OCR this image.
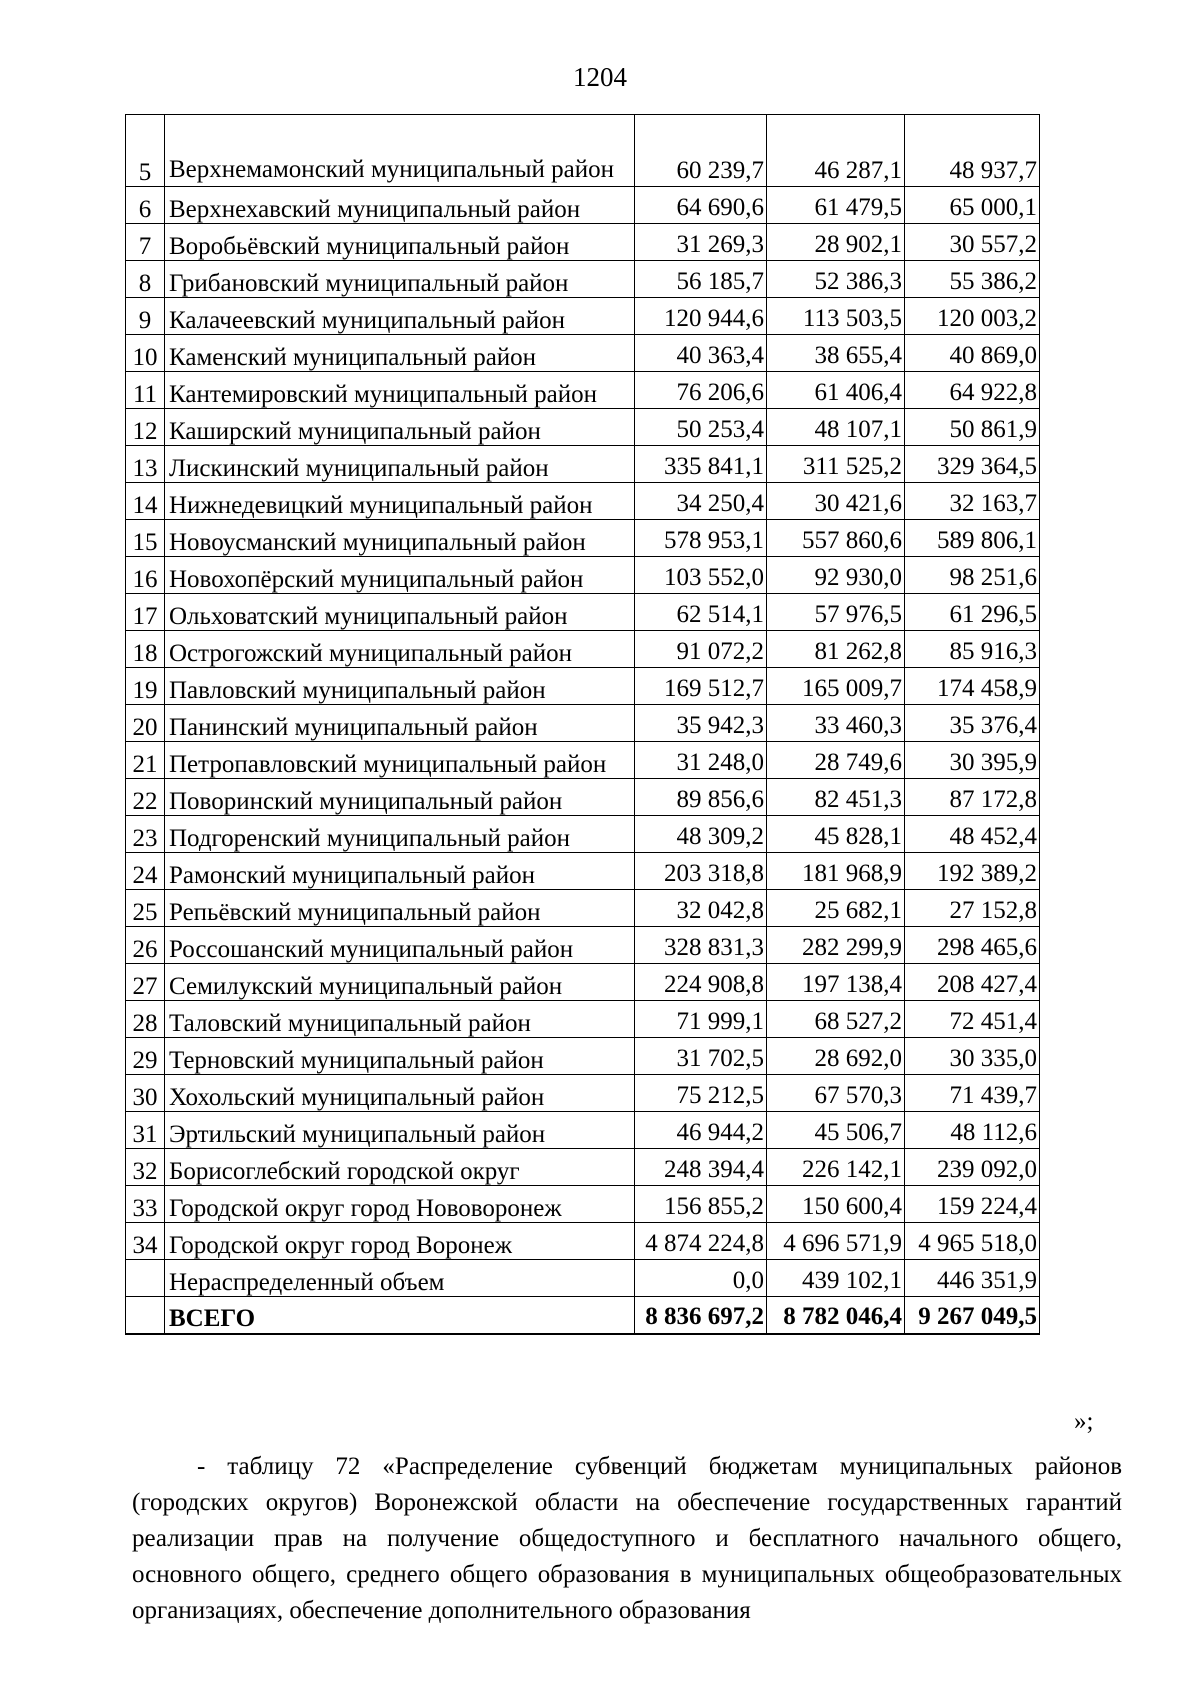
1204
5	Верхнемамонский муниципальный район	60 239,7	46 287,1	48 937,7
6	Верхнехавский муниципальный район	64 690,6	61 479,5	65 000,1
7	Воробьёвский муниципальный район	31 269,3	28 902,1	30 557,2
8	Грибановский муниципальный район	56 185,7	52 386,3	55 386,2
9	Калачеевский муниципальный район	120 944,6	113 503,5	120 003,2
10	Каменский муниципальный район	40 363,4	38 655,4	40 869,0
11	Кантемировский муниципальный район	76 206,6	61 406,4	64 922,8
12	Каширский муниципальный район	50 253,4	48 107,1	50 861,9
13	Лискинский муниципальный район	335 841,1	311 525,2	329 364,5
14	Нижнедевицкий муниципальный район	34 250,4	30 421,6	32 163,7
15	Новоусманский муниципальный район	578 953,1	557 860,6	589 806,1
16	Новохопёрский муниципальный район	103 552,0	92 930,0	98 251,6
17	Ольховатский муниципальный район	62 514,1	57 976,5	61 296,5
18	Острогожский муниципальный район	91 072,2	81 262,8	85 916,3
19	Павловский муниципальный район	169 512,7	165 009,7	174 458,9
20	Панинский муниципальный район	35 942,3	33 460,3	35 376,4
21	Петропавловский муниципальный район	31 248,0	28 749,6	30 395,9
22	Поворинский муниципальный район	89 856,6	82 451,3	87 172,8
23	Подгоренский муниципальный район	48 309,2	45 828,1	48 452,4
24	Рамонский муниципальный район	203 318,8	181 968,9	192 389,2
25	Репьёвский муниципальный район	32 042,8	25 682,1	27 152,8
26	Россошанский муниципальный район	328 831,3	282 299,9	298 465,6
27	Семилукский муниципальный район	224 908,8	197 138,4	208 427,4
28	Таловский муниципальный район	71 999,1	68 527,2	72 451,4
29	Терновский муниципальный район	31 702,5	28 692,0	30 335,0
30	Хохольский муниципальный район	75 212,5	67 570,3	71 439,7
31	Эртильский муниципальный район	46 944,2	45 506,7	48 112,6
32	Борисоглебский городской округ	248 394,4	226 142,1	239 092,0
33	Городской округ город Нововоронеж	156 855,2	150 600,4	159 224,4
34	Городской округ город Воронеж	4 874 224,8	4 696 571,9	4 965 518,0
	Нераспределенный объем	0,0	439 102,1	446 351,9
	ВСЕГО	8 836 697,2	8 782 046,4	9 267 049,5
»;
- таблицу 72 «Распределение субвенций бюджетам муниципальных районов (городских округов) Воронежской области на обеспечение государственных гарантий реализации прав на получение общедоступного и бесплатного начального общего, основного общего, среднего общего образования в муниципальных общеобразовательных организациях, обеспечение дополнительного образования
